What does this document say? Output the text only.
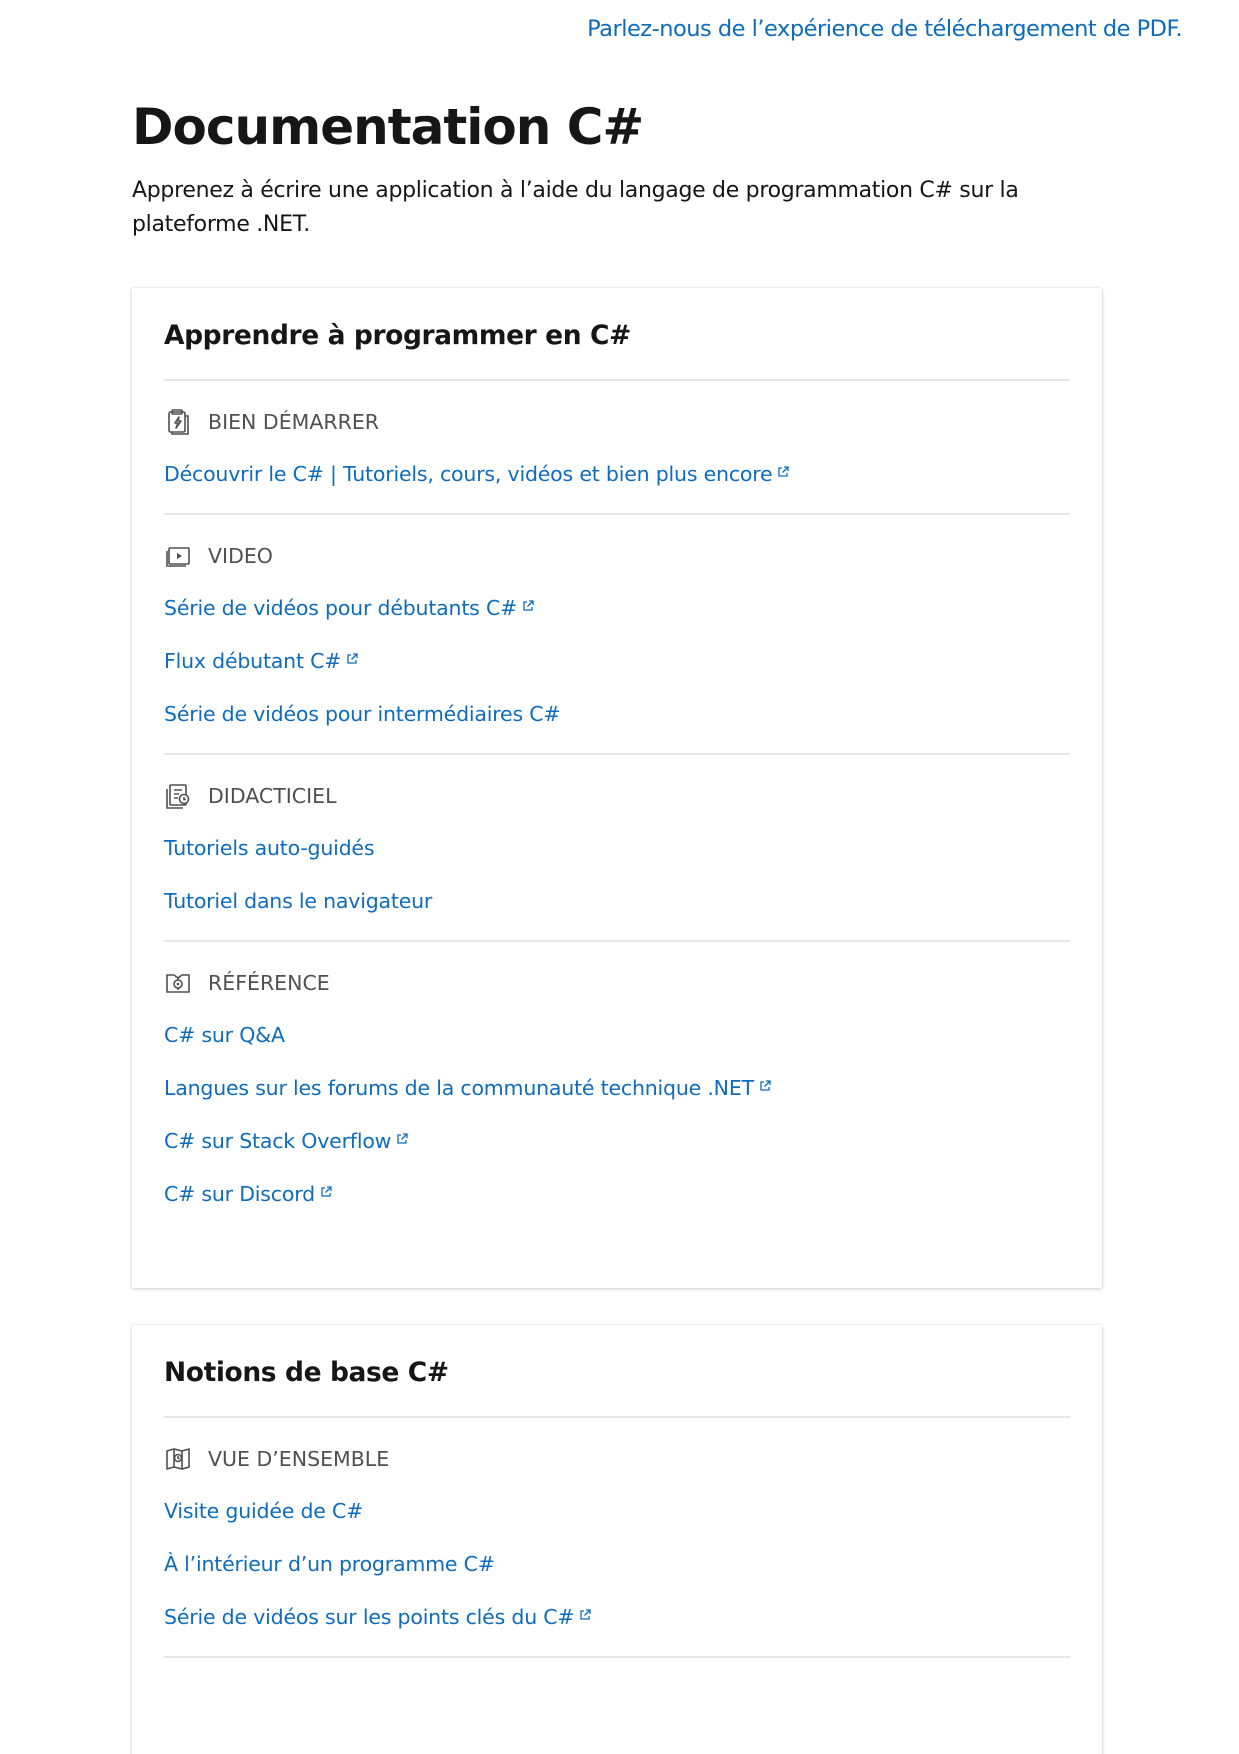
Parlez-nous de l’expérience de téléchargement de PDF.
Documentation C#

Apprenez à écrire une application à l’aide du langage de programmation C# sur la plateforme .NET.

Apprendre à programmer en C#
BIEN DÉMARRER
Découvrir le C# | Tutoriels, cours, vidéos et bien plus encore
VIDEO
Série de vidéos pour débutants C#
Flux débutant C#
Série de vidéos pour intermédiaires C#
DIDACTICIEL
Tutoriels auto-guidés
Tutoriel dans le navigateur
RÉFÉRENCE
C# sur Q&A
Langues sur les forums de la communauté technique .NET
C# sur Stack Overflow
C# sur Discord
Notions de base C#
VUE D’ENSEMBLE
Visite guidée de C#
À l’intérieur d’un programme C#
Série de vidéos sur les points clés du C#
